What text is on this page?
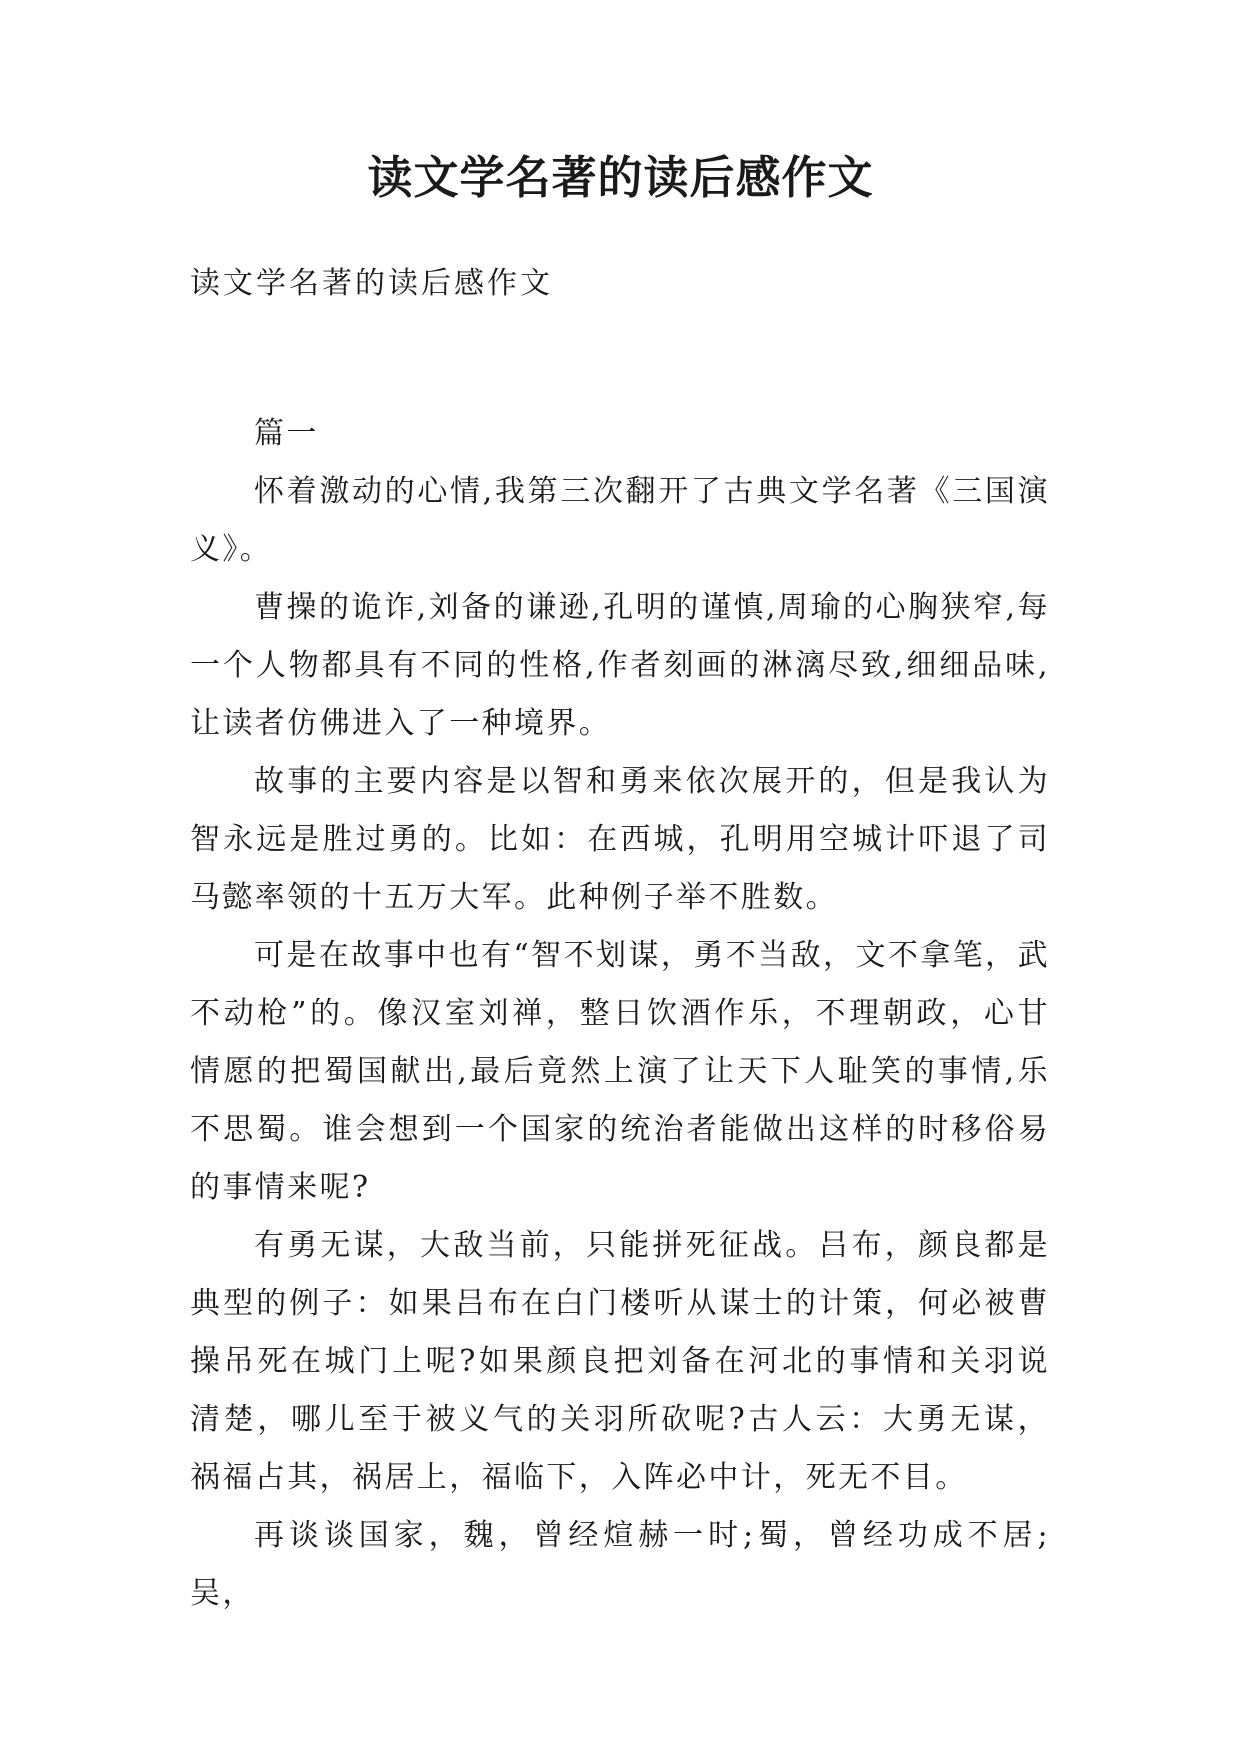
读文学名著的读后感作文

读文学名著的读后感作文

篇一

怀着激动的心情,我第三次翻开了古典文学名著《三国演义》。

曹操的诡诈,刘备的谦逊,孔明的谨慎,周瑜的心胸狭窄,每一个人物都具有不同的性格,作者刻画的淋漓尽致,细细品味,让读者仿佛进入了一种境界。

故事的主要内容是以智和勇来依次展开的，但是我认为智永远是胜过勇的。比如：在西城，孔明用空城计吓退了司马懿率领的十五万大军。此种例子举不胜数。

可是在故事中也有“智不划谋，勇不当敌，文不拿笔，武不动枪”的。像汉室刘禅，整日饮酒作乐，不理朝政，心甘情愿的把蜀国献出,最后竟然上演了让天下人耻笑的事情,乐不思蜀。谁会想到一个国家的统治者能做出这样的时移俗易的事情来呢?

有勇无谋，大敌当前，只能拼死征战。吕布，颜良都是典型的例子：如果吕布在白门楼听从谋士的计策，何必被曹操吊死在城门上呢?如果颜良把刘备在河北的事情和关羽说清楚，哪儿至于被义气的关羽所砍呢?古人云：大勇无谋，祸福占其，祸居上，福临下，入阵必中计，死无不目。

再谈谈国家，魏，曾经煊赫一时;蜀，曾经功成不居;吴，
